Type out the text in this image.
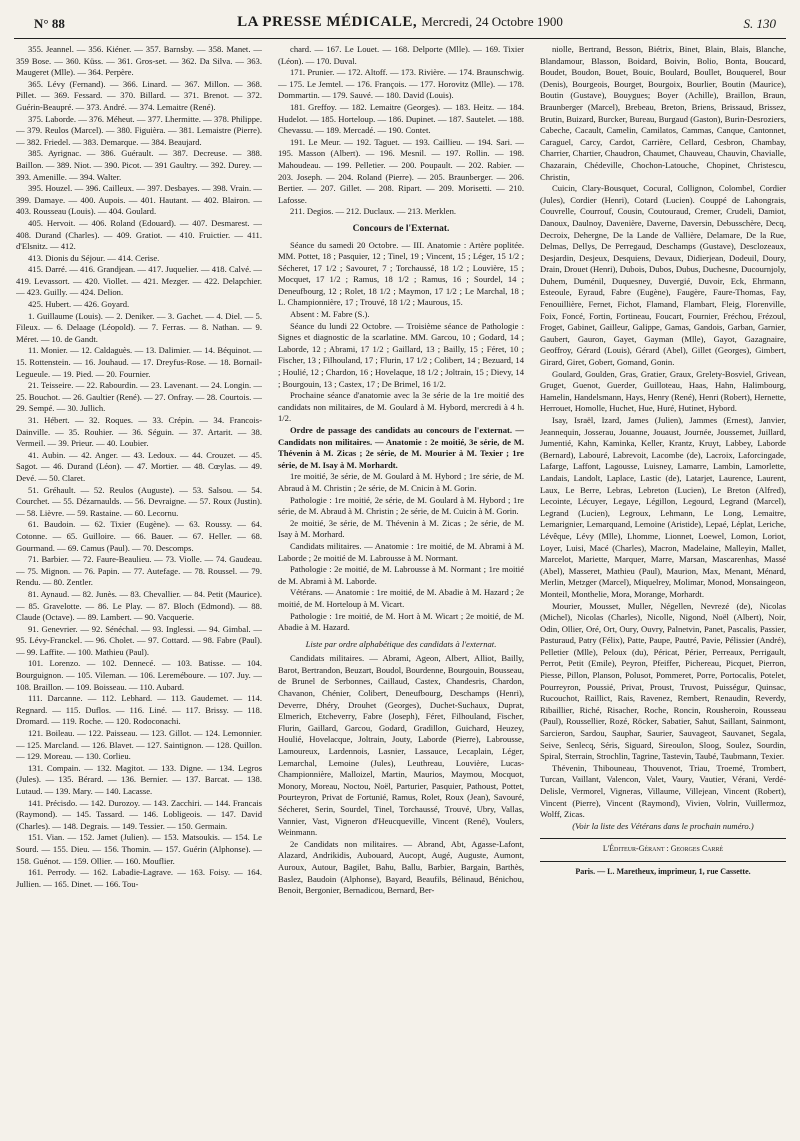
N° 88	LA PRESSE MÉDICALE, Mercredi, 24 Octobre 1900	S. 130

355. Jeannel. — 356. Kiéner. — 357. Barnsby. — 358. Manet. —359 Bose. — 360. Küss. — 361. Gros-set. — 362. Da Silva. — 363. Maugeret (Mlle). — 364. Perpère.

365. Lévy (Fernand). — 366. Linard. — 367. Millon. — 368. Pillet. — 369. Fessard. — 370. Billard. — 371. Brenot. — 372. Guérin-Beaupré. — 373. André. — 374. Lemaitre (René).

375. Laborde. — 376. Méheut. — 377. Lhermitte. — 378. Philippe. — 379. Reulos (Marcel). — 380. Figuièra. — 381. Lemaistre (Pierre). — 382. Friedel. — 383. Demarque. — 384. Beaujard.

385. Ayrignac. — 386. Guérault. — 387. Decreuse. — 388. Baillon. — 389. Niot. — 390. Picot. — 391 Gaultry. — 392. Durey. — 393. Amenille. — 394. Walter.

395. Houzel. — 396. Cailleux. — 397. Desbayes. — 398. Vrain. — 399. Damaye. — 400. Aupois. — 401. Hautant. — 402. Blairon. — 403. Rousseau (Louis). — 404. Goulard.

405. Hervoit. — 406. Roland (Edouard). — 407. Desmarest. — 408. Durand (Charles). — 409. Gratiot. — 410. Fruictier. — 411. d'Elsnitz. — 412.

413. Dionis du Séjour. — 414. Cerise.

415. Darré. — 416. Grandjean. — 417. Juquelier. — 418. Calvé. — 419. Levassort. — 420. Viollet. — 421. Mezger. — 422. Delapchier. — 423. Guilly. — 424. Delion.

425. Hubert. — 426. Goyard.

1. Guillaume (Louis). — 2. Deniker. — 3. Gachet. — 4. Diel. — 5. Fileux. — 6. Delaage (Léopold). — 7. Ferras. — 8. Nathan. — 9. Méret. — 10. de Gandt.

11. Monier. — 12. Caldaguès. — 13. Dalimier. — 14. Béquinot. — 15. Rottenstein. — 16. Jouhaud. — 17. Dreyfus-Rose. — 18. Bornail-Legueule. — 19. Pied. — 20. Fournier.

21. Teisseire. — 22. Rabourdin. — 23. Lavenant. — 24. Longin. — 25. Bouchot. — 26. Gaultier (René). — 27. Onfray. — 28. Courtois. — 29. Sempé. — 30. Jullich.

31. Hébert. — 32. Roques. — 33. Crépin. — 34. Francois-Dainville. — 35. Rouhier. — 36. Séguin. — 37. Artarit. — 38. Vermeil. — 39. Prieur. — 40. Loubier.

41. Aubin. — 42. Anger. — 43. Ledoux. — 44. Crouzet. — 45. Sagot. — 46. Durand (Léon). — 47. Mortier. — 48. Cœylas. — 49. Devé. — 50. Claret.

51. Gréhault. — 52. Reulos (Auguste). — 53. Salsou. — 54. Courchet. — 55. Dézarnaulds. — 56. Devraigne. — 57. Roux (Justin). — 58. Lièvre. — 59. Rastaine. — 60. Lecornu.

61. Baudoin. — 62. Tixier (Eugène). — 63. Roussy. — 64. Cotonne. — 65. Guilloire. — 66. Bauer. — 67. Heller. — 68. Gourmand. — 69. Camus (Paul). — 70. Descomps.

71. Barbier. — 72. Faure-Beaulieu. — 73. Violle. — 74. Gaudeau. — 75. Mignon. — 76. Papin. — 77. Autefage. — 78. Roussel. — 79. Rendu. — 80. Zentler.

81. Aynaud. — 82. Junès. — 83. Chevallier. — 84. Petit (Maurice). — 85. Gravelotte. — 86. Le Play. — 87. Bloch (Edmond). — 88. Claude (Octave). — 89. Lambert. — 90. Vacquerie.

91. Genevrier. — 92. Sénéchal. — 93. Inglessi. — 94. Gimbal. — 95. Lévy-Franckel. — 96. Cholet. — 97. Cottard. — 98. Fabre (Paul). — 99. Laffite. — 100. Mathieu (Paul).

101. Lorenzo. — 102. Dennecé. — 103. Batisse. — 104. Bourguignon. — 105. Vileman. — 106. Lereméboure. — 107. Juy. — 108. Braillon. — 109. Boisseau. — 110. Aubard.

111. Darcanne. — 112. Lebhard. — 113. Gaudemet. — 114. Regnard. — 115. Duflos. — 116. Liné. — 117. Brissy. — 118. Dromard. — 119. Roche. — 120. Rodoconachi.

121. Boileau. — 122. Paisseau. — 123. Gillot. — 124. Lemonnier. — 125. Marcland. — 126. Blavet. — 127. Saintignon. — 128. Quillon. — 129. Moreau. — 130. Corlieu.

131. Compain. — 132. Magitot. — 133. Digne. — 134. Legros (Jules). — 135. Bérard. — 136. Bernier. — 137. Barcat. — 138. Lutaud. — 139. Mary. — 140. Lacasse.

141. Précisdo. — 142. Durozoy. — 143. Zacchiri. — 144. Francais (Raymond). — 145. Tassard. — 146. Lobligeois. — 147. David (Charles). — 148. Degrais. — 149. Tessier. — 150. Germain.

151. Vian. — 152. Jamet (Julien). — 153. Matsoukis. — 154. Le Sourd. — 155. Dieu. — 156. Thomin. — 157. Guérin (Alphonse). — 158. Guénot. — 159. Ollier. — 160. Mouflier.

161. Perrody. — 162. Labadie-Lagrave. — 163. Foisy. — 164. Jullien. — 165. Dinet. — 166. Tou-

chard. — 167. Le Louet. — 168. Delporte (Mlle). — 169. Tixier (Léon). — 170. Duval.

171. Prunier. — 172. Altoff. — 173. Rivière. — 174. Braunschwig. — 175. Le Jemtel. — 176. François. — 177. Horovitz (Mlle). — 178. Dommartin. — 179. Sauvé. — 180. David (Louis).

181. Greffoy. — 182. Lemaitre (Georges). — 183. Heitz. — 184. Hudelot. — 185. Horteloup. — 186. Dupinet. — 187. Sautelet. — 188. Chevassu. — 189. Mercadé. — 190. Contet.

191. Le Meur. — 192. Taguet. — 193. Caillieu. — 194. Sari. — 195. Masson (Albert). — 196. Mesnil. — 197. Rollin. — 198. Mahoudeau. — 199. Pelletier. — 200. Poupault. — 202. Rabier. — 203. Joseph. — 204. Roland (Pierre). — 205. Braunberger. — 206. Bertier. — 207. Gillet. — 208. Ripart. — 209. Morisetti. — 210. Lafosse.

211. Degios. — 212. Duclaux. — 213. Merklen.

Concours de l'Externat.

Séance du samedi 20 Octobre. — III. Anatomie : Artère poplitée. MM. Pottet, 18 ; Pasquier, 12 ; Tinel, 19 ; Vincent, 15 ; Léger, 15 1/2 ; Sécheret, 17 1/2 ; Savouret, 7 ; Torchaussé, 18 1/2 ; Louvière, 15 ; Mocquet, 17 1/2 ; Ramus, 18 1/2 ; Ramus, 16 ; Sourdel, 14 ; Deneufbourg, 12 ; Rolet, 18 1/2 ; Maymon, 17 1/2 ; Le Marchal, 18 ; L. Championnière, 17 ; Trouvé, 18 1/2 ; Maurous, 15.

Absent : M. Fabre (S.).

Séance du lundi 22 Octobre. — Troisième séance de Pathologie : Signes et diagnostic de la scarlatine. MM. Garcou, 10 ; Godard, 14 ; Laborde, 12 ; Abrami, 17 1/2 ; Gaillard, 13 ; Bailly, 15 ; Féret, 10 ; Fischer, 13 ; Filhouland, 17 ; Flurin, 17 1/2 ; Colibert, 14 ; Bezuard, 14 ; Houlié, 12 ; Chardon, 16 ; Hovelaque, 18 1/2 ; Joltrain, 15 ; Dievy, 14 ; Bourgouin, 13 ; Castex, 17 ; De Brimel, 16 1/2.

Prochaine séance d'anatomie avec la 3e série de la 1re moitié des candidats non militaires, de M. Goulard à M. Hybord, mercredi à 4 h. 1/2.

Ordre de passage des candidats au concours de l'externat. — Candidats non militaires. — Anatomie : 2e moitié, 3e série, de M. Thévenin à M. Zicas ; 2e série, de M. Mourier à M. Texier ; 1re série, de M. Isay à M. Morhardt.

1re moitié, 3e série, de M. Goulard à M. Hybord ; 1re série, de M. Abraud à M. Christin ; 2e série, de M. Cnicin à M. Gorin.

Pathologie : 1re moitié, 2e série, de M. Goulard à M. Hybord ; 1re série, de M. Abraud à M. Christin ; 2e série, de M. Cuicin à M. Gorin.

2e moitié, 3e série, de M. Thévenin à M. Zicas ; 2e série, de M. Isay à M. Morhard.

Candidats militaires. — Anatomie : 1re moitié, de M. Abrami à M. Laborde ; 2e moitié de M. Labrousse à M. Normant.

Pathologie : 2e moitié, de M. Labrousse à M. Normant ; 1re moitié de M. Abrami à M. Laborde.

Vétérans. — Anatomie : 1re moitié, de M. Abadie à M. Hazard ; 2e moitié, de M. Horteloup à M. Vicart.

Pathologie : 1re moitié, de M. Hort à M. Wicart ; 2e moitié, de M. Abadie à M. Hazard.

Liste par ordre alphabétique des candidats à l'externat.

Candidats militaires. — Abrami, Ageon, Albert, Alliot, Bailly, Barot, Bertrandon, Beuzart, Boudol, Bourdenne, Bourgouin, Bousseau, de Brunel de Serbonnes, Caillaud, Castex, Chandesris, Chardon, Chavanon, Chénier, Colibert, Deneufbourg, Deschamps (Henri), Deverre, Dhéry, Drouhet (Georges), Duchet-Suchaux, Duprat, Elmerich, Etcheverry, Fabre (Joseph), Féret, Filhouland, Fischer, Flurin, Gaillard, Garcou, Godard, Gradillon, Guichard, Heuzey, Houlié, Hovelacque, Joltrain, Jouty, Laborde (Pierre), Labrousse, Lamoureux, Lardennois, Lasnier, Lassauce, Lecaplain, Léger, Lemarchal, Lemoine (Jules), Leuthreau, Louvière, Lucas-Championnière, Malloizel, Martin, Maurios, Maymou, Mocquot, Monory, Moreau, Noctou, Noël, Parturier, Pasquier, Pathoust, Pottet, Pourteyron, Privat de Fortunié, Ramus, Rolet, Roux (Jean), Savouré, Sécheret, Serin, Sourdel, Tinel, Torchaussé, Trouvé, Ubry, Vallas, Vannier, Vast, Vigneron d'Heucqueville, Vincent (René), Voulers, Weinmann.

2e Candidats non militaires. — Abrand, Abt, Agasse-Lafont, Alazard, Andrikidis, Aubouard, Aucopt, Augé, Auguste, Aumont, Auroux, Autour, Bagilet, Bahu, Ballu, Barbier, Bargain, Barthès, Baslez, Baudoin (Alphonse), Bayard, Beaufils, Bélinaud, Bénichou, Benoit, Bergonier, Bernadicou, Bernard, Ber-

niolle, Bertrand, Besson, Biétrix, Binet, Blain, Blais, Blanche, Blandamour, Blasson, Boidard, Boivin, Bolio, Bonta, Boucard, Boudet, Boudon, Bouet, Bouic, Boulard, Boullet, Bouquerel, Bour (Denis), Bourgeois, Bourget, Bourgoix, Bourlier, Boutin (Maurice), Boutin (Gustave), Bouygues; Boyer (Achille), Braillon, Braun, Braunberger (Marcel), Brebeau, Breton, Briens, Brissaud, Brissez, Brutin, Buizard, Burcker, Bureau, Burgaud (Gaston), Burin-Desroziers, Cabeche, Cacault, Camelin, Camilatos, Cammas, Canque, Cantonnet, Caraguel, Carcy, Cardot, Carrière, Cellard, Cesbron, Chambay, Charrier, Chartier, Chaudron, Chaumet, Chauveau, Chauvin, Chavialle, Chazarain, Chédeville, Chochon-Latouche, Chopinet, Christescu, Christin,

Cuicin, Clary-Bousquet, Cocural, Collignon, Colombel, Cordier (Jules), Cordier (Henri), Cotard (Lucien). Couppé de Lahongrais, Couvrelle, Courrouf, Cousin, Coutouraud, Cremer, Crudeli, Damiot, Danoux, Daulnoy, Davenière, Daverne, Daversin, Debusschère, Decq, Decroix, Dehergne, De la Lande de Vallière, Delamare, De la Rue, Delmas, Dellys, De Perregaud, Deschamps (Gustave), Desclozeaux, Desjardin, Desjeux, Desquiens, Devaux, Didierjean, Dodeuil, Doury, Drain, Drouet (Henri), Dubois, Dubos, Dubus, Duchesne, Ducournjoly, Duhem, Duménil, Duquesney, Duvergié, Duvoir, Eck, Ehrmann, Esteoule, Eyraud, Fabre (Eugène), Faugère, Faure-Thomas, Fay, Fenouillière, Fernet, Fichot, Flamand, Flambart, Fleig, Florenville, Foix, Foncé, Fortin, Fortineau, Foucart, Fournier, Fréchou, Frézoul, Froget, Gabinet, Gailleur, Galippe, Gamas, Gandois, Garban, Garnier, Gaubert, Gauron, Gayet, Gayman (Mlle), Gayot, Gazagnaire, Geoffroy, Gérard (Louis), Gérard (Abel), Gillet (Georges), Gimbert, Girard, Giret, Gobert, Gomand, Gonin.

Goulard, Goulden, Gras, Gratier, Graux, Grelety-Bosviel, Grivean, Gruget, Guenot, Guerder, Guilloteau, Haas, Hahn, Halimbourg, Hamelin, Handelsmann, Hays, Henry (René), Henri (Robert), Hernette, Herrouet, Homolle, Huchet, Hue, Huré, Hutinet, Hybord.

Isay, Israël, Izard, James (Julien), Jammes (Ernest), Janvier, Jeannequin, Josserau, Jouanne, Jouaust, Journée, Joussemet, Juillard, Jumentié, Kahn, Kaminka, Keller, Krantz, Kruyt, Labbey, Laborde (Bernard), Labouré, Labrevoit, Lacombe (de), Lacroix, Laforcingade, Lafarge, Laffont, Lagousse, Luisney, Lamarre, Lambin, Lamorlette, Landais, Landolt, Laplace, Lastic (de), Latarjet, Laurence, Laurent, Laux, Le Berre, Lebras, Lebreton (Lucien), Le Breton (Alfred), Lecointe, Lécuyer, Legaye, Légillon, Legourd, Legrand (Marcel), Legrand (Lucien), Legroux, Lehmann, Le Long, Lemaitre, Lemarignier, Lemarquand, Lemoine (Aristide), Lepaé, Léplat, Leriche, Lévêque, Lévy (Mlle), Lhomme, Lionnet, Loewel, Lomon, Loriot, Loyer, Luisi, Macé (Charles), Macron, Madelaine, Malleyin, Mallet, Marcelot, Mariette, Marquer, Marre, Marsan, Mascarenhas, Massé (Abel), Masseret, Mathieu (Paul), Maurion, Max, Menant, Ménard, Merlin, Metzger (Marcel), Miquelrey, Molimar, Monod, Monsaingeon, Monteil, Monthelie, Mora, Morange, Morhardt.

Mourier, Mousset, Muller, Négellen, Nevrezé (de), Nicolas (Michel), Nicolas (Charles), Nicolle, Nigond, Noël (Albert), Noir, Odin, Ollier, Oré, Ort, Oury, Ouvry, Palnetvin, Panet, Pascalis, Passier, Pasturaud, Patry (Félix), Patte, Paupe, Pautré, Pavie, Pélissier (André), Pelletier (Mlle), Peloux (du), Péricat, Périer, Perreaux, Perrigault, Perrot, Petit (Emile), Peyron, Pfeiffer, Pichereau, Picquet, Pierron, Piesse, Pillon, Planson, Polusot, Pommeret, Porre, Portocalis, Potelet, Pourreyron, Poussié, Privat, Proust, Truvost, Puisségur, Quinsac, Rucouchot, Raillict, Rais, Ravenez, Rembert, Renaudin, Reverdy, Ribaillier, Riché, Risacher, Roche, Roncin, Rousheroin, Rousseau (Paul), Roussellier, Rozé, Röcker, Sabatier, Sahut, Saillant, Sainmont, Sarcieron, Sardou, Sauphar, Saurier, Sauvageot, Sauvanet, Segala, Seive, Senlecq, Séris, Siguard, Sireoulon, Sloog, Soulez, Sourdin, Spiral, Sterrain, Strochlin, Tagrine, Tastevin, Taubé, Taubmann, Texier.

Thévenin, Thibouneau, Thouvenot, Triau, Troemé, Trombert, Turcan, Vaillant, Valencon, Valet, Vaury, Vautier, Vérani, Verdé-Delisle, Vermorel, Vigneras, Villaume, Villejean, Vincent (Robert), Vincent (Pierre), Vincent (Raymond), Vivien, Volrin, Vuillermoz, Wolff, Zicas.

(Voir la liste des Vétérans dans le prochain numéro.)

L'Éditeur-Gérant : Georges Carré

Paris. — L. Maretheux, imprimeur, 1, rue Cassette.
